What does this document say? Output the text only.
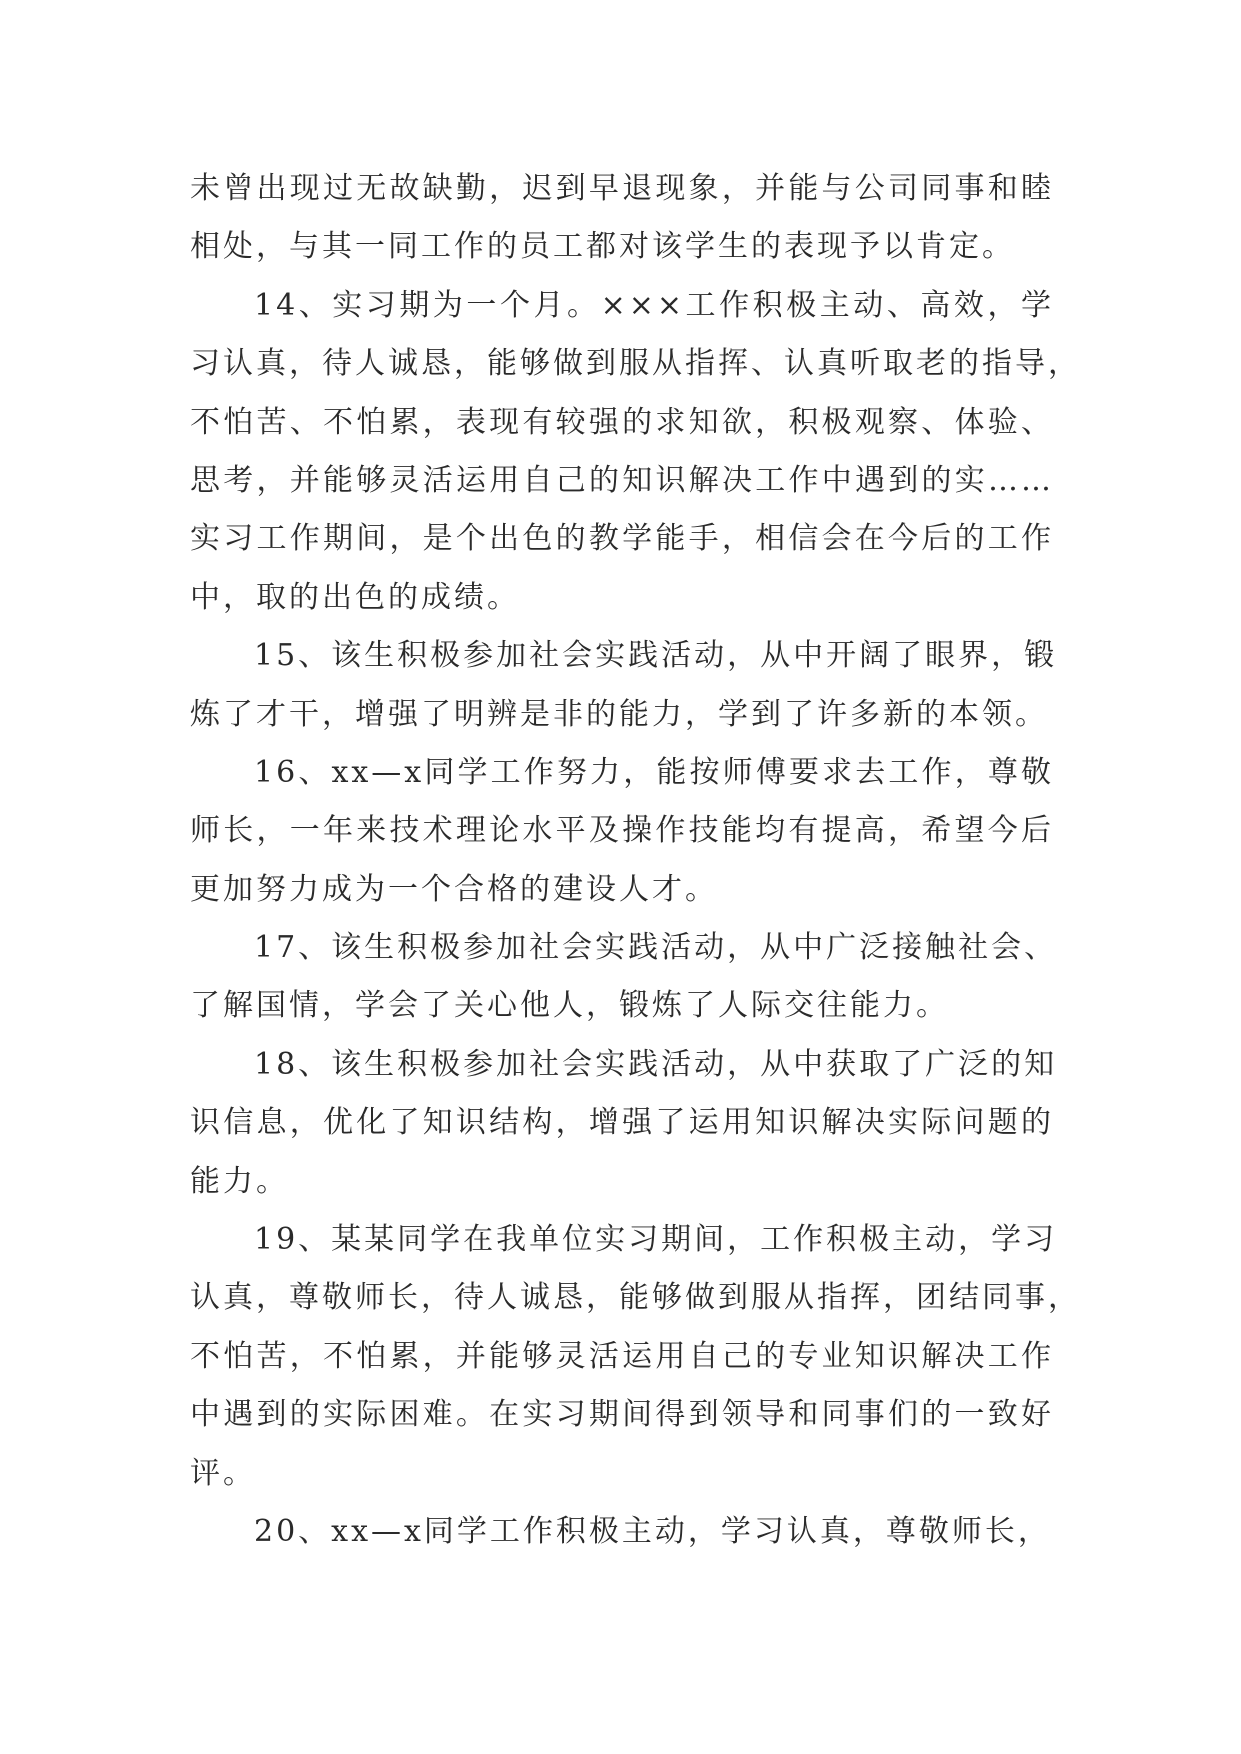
未曾出现过无故缺勤，迟到早退现象，并能与公司同事和睦
相处，与其一同工作的员工都对该学生的表现予以肯定。
14、实习期为一个月。×××工作积极主动、高效，学
习认真，待人诚恳，能够做到服从指挥、认真听取老的指导，
不怕苦、不怕累，表现有较强的求知欲，积极观察、体验、
思考，并能够灵活运用自己的知识解决工作中遇到的实……
实习工作期间，是个出色的教学能手，相信会在今后的工作
中，取的出色的成绩。
15、该生积极参加社会实践活动，从中开阔了眼界，锻
炼了才干，增强了明辨是非的能力，学到了许多新的本领。
16、xx—x同学工作努力，能按师傅要求去工作，尊敬
师长，一年来技术理论水平及操作技能均有提高，希望今后
更加努力成为一个合格的建设人才。
17、该生积极参加社会实践活动，从中广泛接触社会、
了解国情，学会了关心他人，锻炼了人际交往能力。
18、该生积极参加社会实践活动，从中获取了广泛的知
识信息，优化了知识结构，增强了运用知识解决实际问题的
能力。
19、某某同学在我单位实习期间，工作积极主动，学习
认真，尊敬师长，待人诚恳，能够做到服从指挥，团结同事，
不怕苦，不怕累，并能够灵活运用自己的专业知识解决工作
中遇到的实际困难。在实习期间得到领导和同事们的一致好
评。
20、xx—x同学工作积极主动，学习认真，尊敬师长，
